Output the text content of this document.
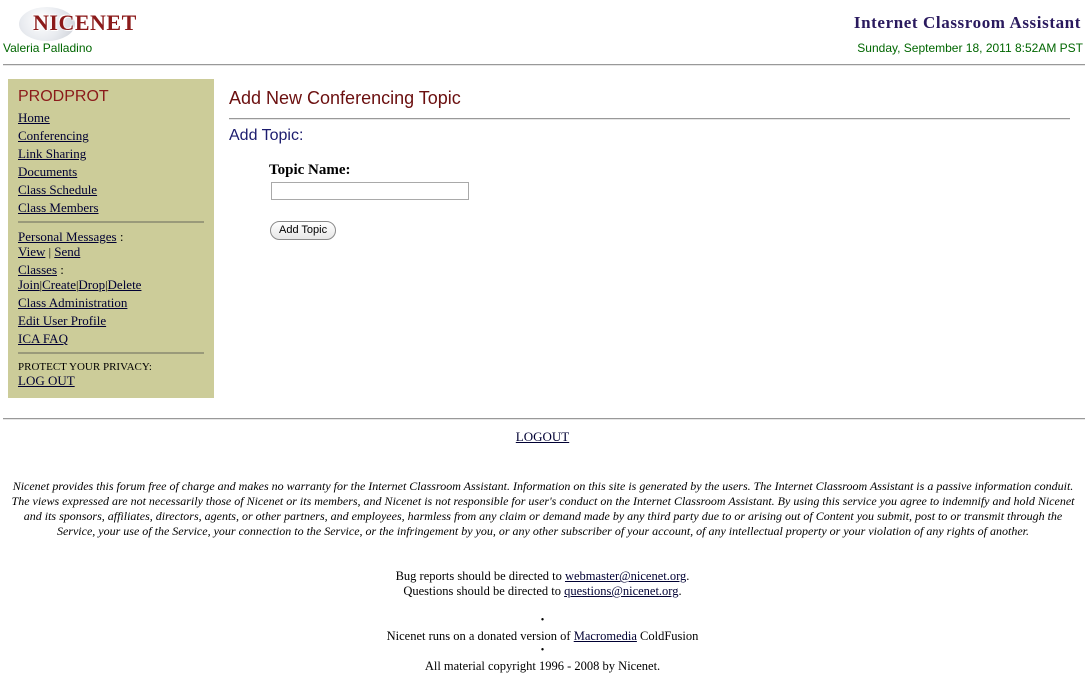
NICENET
Valeria Palladino
Internet Classroom Assistant
Sunday, September 18, 2011 8:52AM PST
PRODPROT
Home
Conferencing
Link Sharing
Documents
Class Schedule
Class Members
Personal Messages :
View | Send
Classes :
Join|Create|Drop|Delete
Class Administration
Edit User Profile
ICA FAQ
PROTECT YOUR PRIVACY:
LOG OUT
Add New Conferencing Topic
Add Topic:
Topic Name:
Add Topic
LOGOUT
Nicenet provides this forum free of charge and makes no warranty for the Internet Classroom Assistant. Information on this site is generated by the users. The Internet Classroom Assistant is a passive information conduit. The views expressed are not necessarily those of Nicenet or its members, and Nicenet is not responsible for user's conduct on the Internet Classroom Assistant. By using this service you agree to indemnify and hold Nicenet and its sponsors, affiliates, directors, agents, or other partners, and employees, harmless from any claim or demand made by any third party due to or arising out of Content you submit, post to or transmit through the Service, your use of the Service, your connection to the Service, or the infringement by you, or any other subscriber of your account, of any intellectual property or your violation of any rights of another.
Bug reports should be directed to webmaster@nicenet.org.
Questions should be directed to questions@nicenet.org.
•
Nicenet runs on a donated version of Macromedia ColdFusion
•
All material copyright 1996 - 2008 by Nicenet.
